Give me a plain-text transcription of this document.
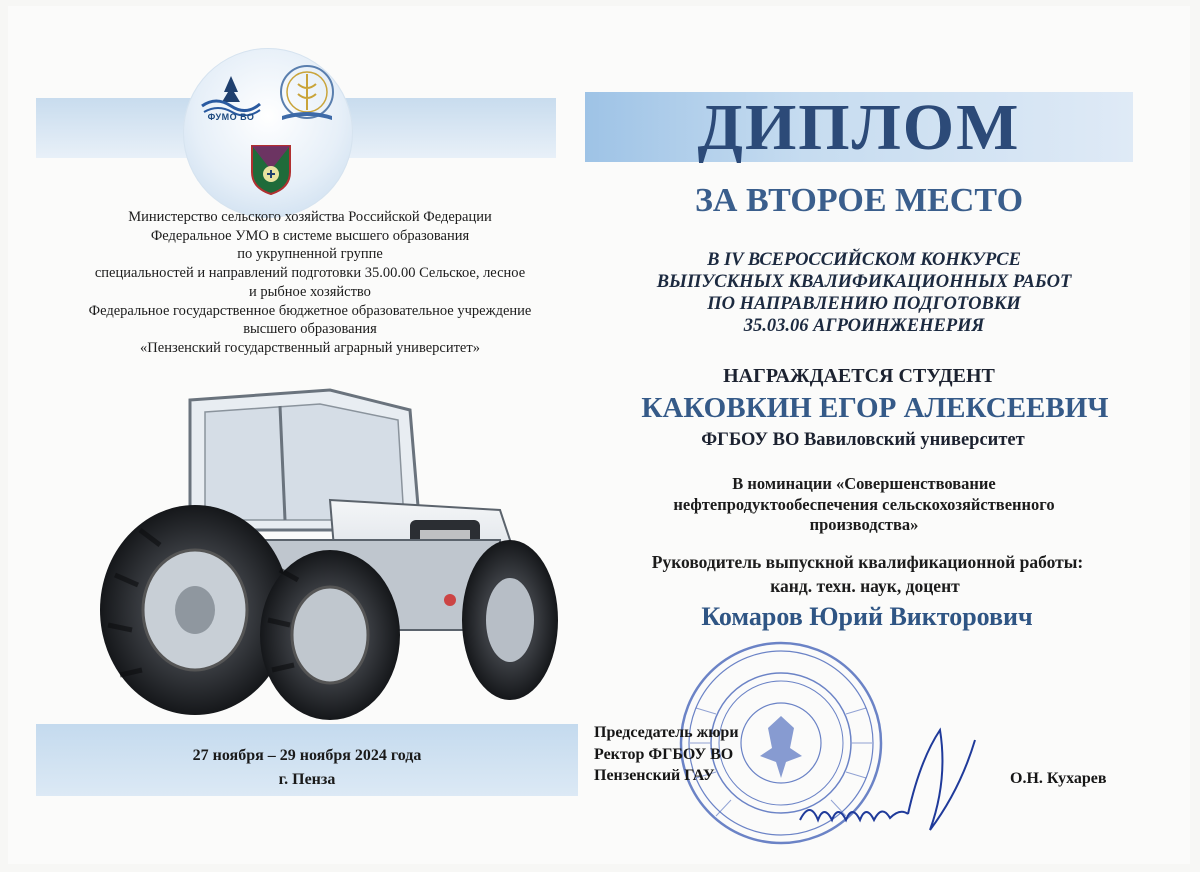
ФУМО ВО
Министерство сельского хозяйства Российской Федерации
Федеральное УМО в системе высшего образования
по укрупненной группе
специальностей и направлений подготовки 35.00.00 Сельское, лесное
и рыбное хозяйство
Федеральное государственное бюджетное образовательное учреждение
высшего образования
«Пензенский государственный аграрный университет»
27 ноября – 29 ноября 2024 года
г. Пенза
ДИПЛОМ
ЗА ВТОРОЕ МЕСТО
В IV ВСЕРОССИЙСКОМ КОНКУРСЕ
ВЫПУСКНЫХ КВАЛИФИКАЦИОННЫХ РАБОТ
ПО НАПРАВЛЕНИЮ ПОДГОТОВКИ
35.03.06 АГРОИНЖЕНЕРИЯ
НАГРАЖДАЕТСЯ СТУДЕНТ
КАКОВКИН ЕГОР АЛЕКСЕЕВИЧ
ФГБОУ ВО Вавиловский университет
В номинации «Совершенствование
нефтепродуктообеспечения сельскохозяйственного
производства»
Руководитель выпускной квалификационной работы:
канд. техн. наук, доцент
Комаров Юрий Викторович
Председатель жюри
Ректор ФГБОУ ВО
Пензенский ГАУ	О.Н. Кухарев
